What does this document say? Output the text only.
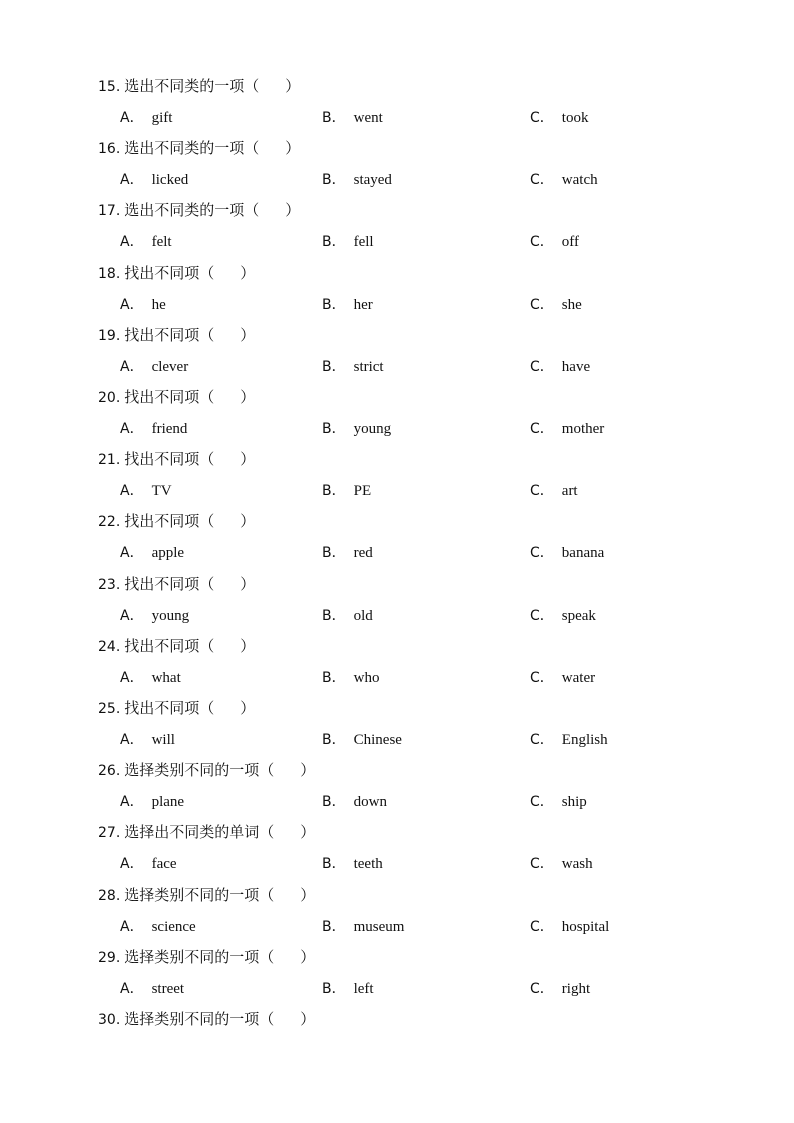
15. 选出不同类的一项（ ）
A． gift	B． went	C． took
16. 选出不同类的一项（ ）
A． licked	B． stayed	C． watch
17. 选出不同类的一项（ ）
A． felt	B． fell	C． off
18. 找出不同项（ ）
A． he	B． her	C． she
19. 找出不同项（ ）
A． clever	B． strict	C． have
20. 找出不同项（ ）
A． friend	B． young	C． mother
21. 找出不同项（ ）
A． TV	B． PE	C． art
22. 找出不同项（ ）
A． apple	B． red	C． banana
23. 找出不同项（ ）
A． young	B． old	C． speak
24. 找出不同项（ ）
A． what	B． who	C． water
25. 找出不同项（ ）
A． will	B． Chinese	C． English
26. 选择类别不同的一项（ ）
A． plane	B． down	C． ship
27. 选择出不同类的单词（ ）
A． face	B． teeth	C． wash
28. 选择类别不同的一项（ ）
A． science	B． museum	C． hospital
29. 选择类别不同的一项（ ）
A． street	B． left	C． right
30. 选择类别不同的一项（ ）
